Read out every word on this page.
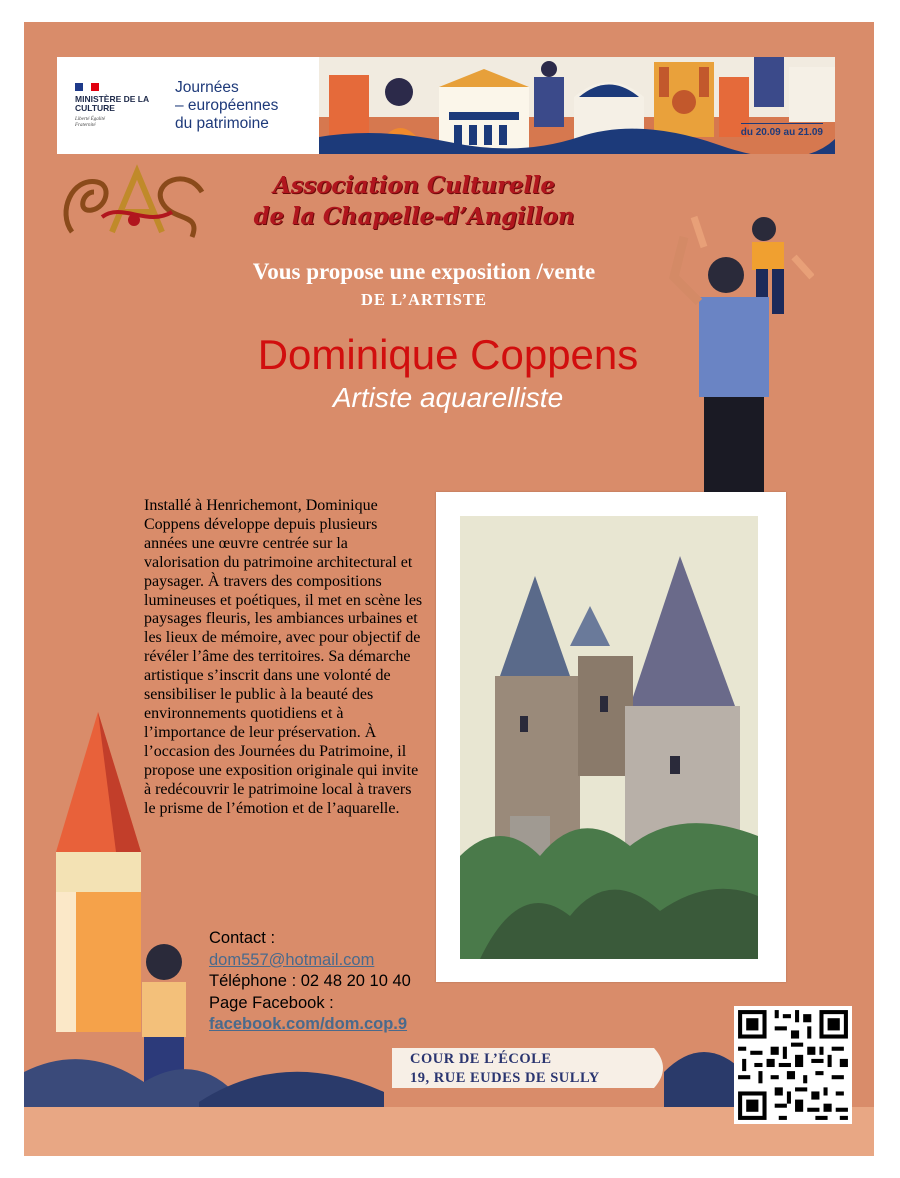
MINISTÈRE DE LA CULTURE
Liberté Égalité Fraternité
Journées
– européennes
du patrimoine
du 20.09 au 21.09
Association Culturelle
de la Chapelle-d’Angillon
Vous propose une exposition /vente
DE L’ARTISTE
Dominique Coppens
Artiste aquarelliste
Installé à Henrichemont, Dominique Coppens développe depuis plusieurs années une œuvre centrée sur la valorisation du patrimoine architectural et paysager. À travers des compositions lumineuses et poétiques, il met en scène les paysages fleuris, les ambiances urbaines et les lieux de mémoire, avec pour objectif de révéler l’âme des territoires. Sa démarche artistique s’inscrit dans une volonté de sensibiliser le public à la beauté des environnements quotidiens et à l’importance de leur préservation. À l’occasion des Journées du Patrimoine, il propose une exposition originale qui invite à redécouvrir le patrimoine local à travers le prisme de l’émotion et de l’aquarelle.
Contact :
dom557@hotmail.com
Téléphone : 02 48 20 10 40
Page Facebook :
facebook.com/dom.cop.9
COUR DE L’ÉCOLE
19, RUE EUDES DE SULLY
